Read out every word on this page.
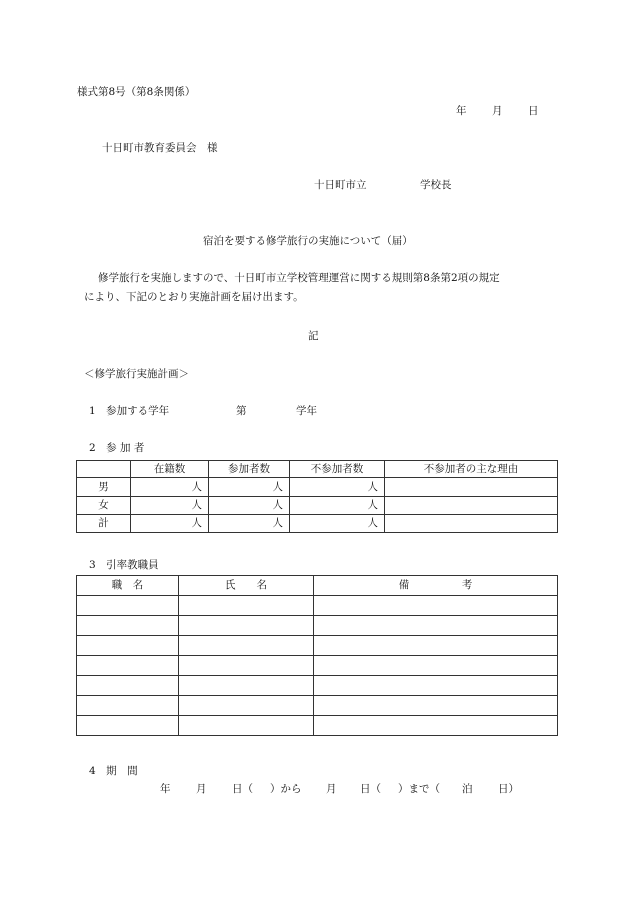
様式第8号（第8条関係）
年 月 日
十日町市教育委員会　様
十日町市立	学校長
宿泊を要する修学旅行の実施について（届）
修学旅行を実施しますので、十日町市立学校管理運営に関する規則第8条第2項の規定
により、下記のとおり実施計画を届け出ます。
記
＜修学旅行実施計画＞
1　参加する学年	第	学年
2　参 加 者
	在籍数	参加者数	不参加者数	不参加者の主な理由
男	人	人	人	
女	人	人	人	
計	人	人	人	
3　引率教職員
職　名	氏　　名	備　　　　　考

4　期　間
年 月 日（ ）から 月 日（ ）まで（ 泊 日）
